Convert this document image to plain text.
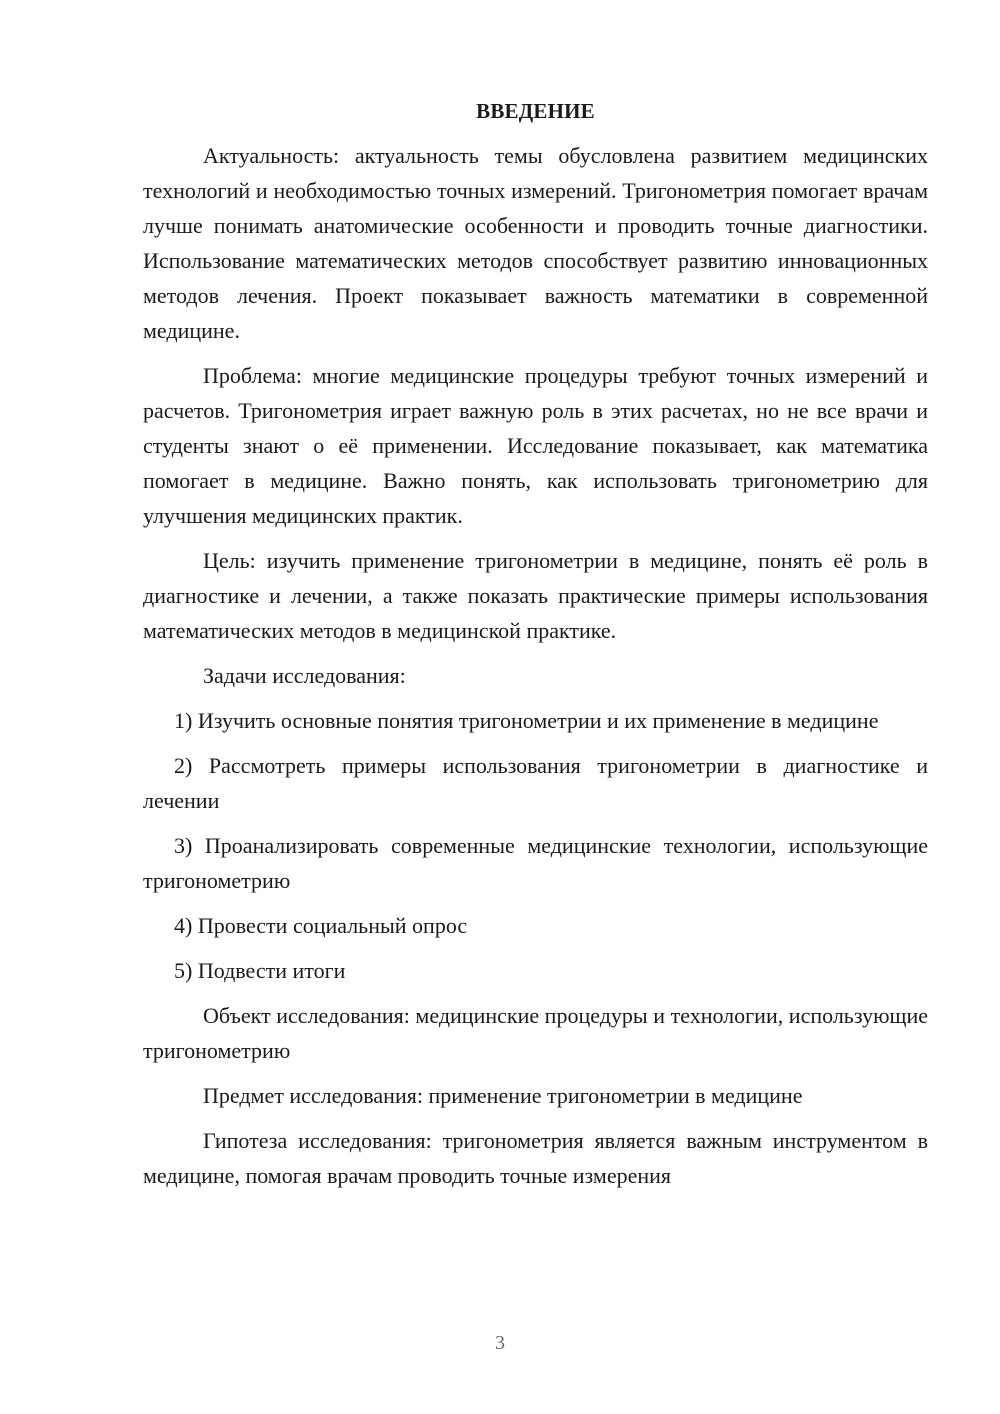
ВВЕДЕНИЕ

Актуальность: актуальность темы обусловлена развитием медицинских технологий и необходимостью точных измерений. Тригонометрия помогает врачам лучше понимать анатомические особенности и проводить точные диагностики. Использование математических методов способствует развитию инновационных методов лечения. Проект показывает важность математики в современной медицине.

Проблема: многие медицинские процедуры требуют точных измерений и расчетов. Тригонометрия играет важную роль в этих расчетах, но не все врачи и студенты знают о её применении. Исследование показывает, как математика помогает в медицине. Важно понять, как использовать тригонометрию для улучшения медицинских практик.

Цель: изучить применение тригонометрии в медицине, понять её роль в диагностике и лечении, а также показать практические примеры использования математических методов в медицинской практике.

Задачи исследования:

1) Изучить основные понятия тригонометрии и их применение в медицине

2) Рассмотреть примеры использования тригонометрии в диагностике и лечении

3) Проанализировать современные медицинские технологии, использующие тригонометрию

4) Провести социальный опрос

5) Подвести итоги

Объект исследования: медицинские процедуры и технологии, использующие тригонометрию

Предмет исследования: применение тригонометрии в медицине

Гипотеза исследования: тригонометрия является важным инструментом в медицине, помогая врачам проводить точные измерения

3
